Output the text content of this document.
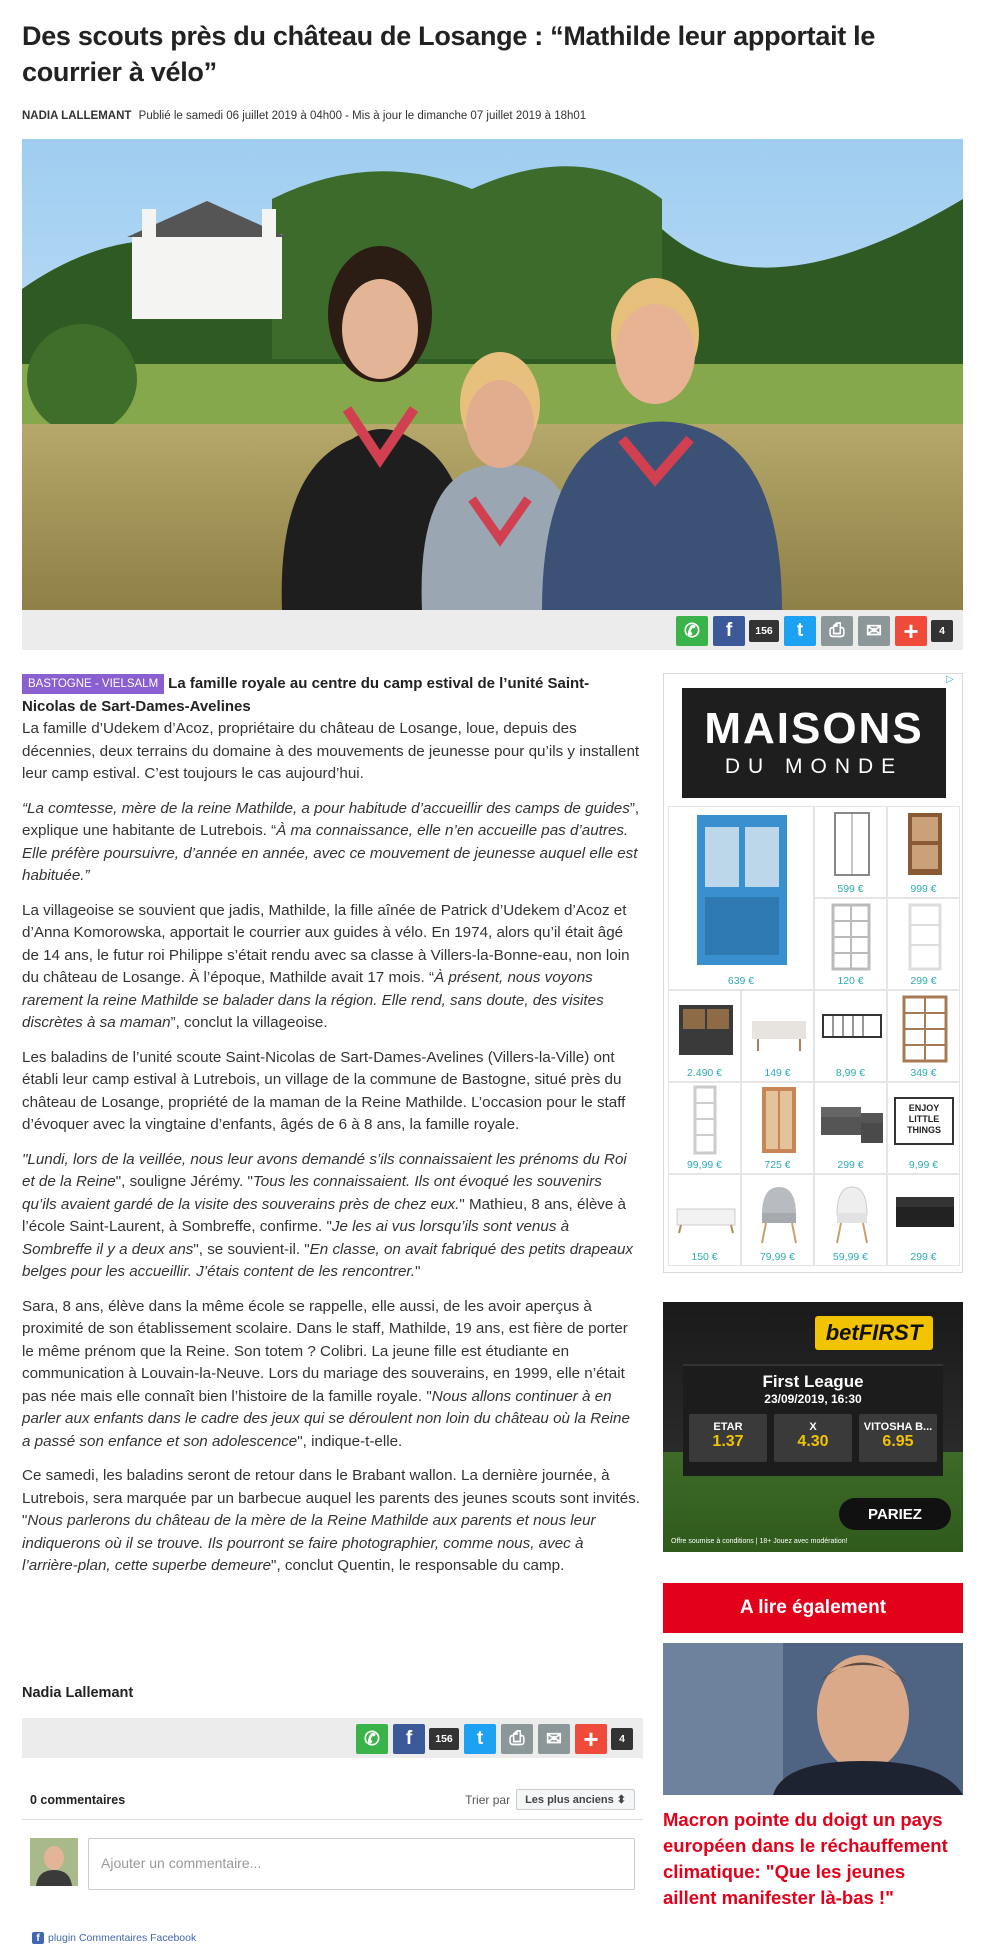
Des scouts près du château de Losange : “Mathilde leur apportait le courrier à vélo”
NADIA LALLEMANT Publié le samedi 06 juillet 2019 à 04h00 - Mis à jour le dimanche 07 juillet 2019 à 18h01
✆	f	156	t	⎙	✉ +	4

BASTOGNE - VIELSALM La famille royale au centre du camp estival de l’unité Saint-Nicolas de Sart-Dames-Avelines
La famille d’Udekem d’Acoz, propriétaire du château de Losange, loue, depuis des décennies, deux terrains du domaine à des mouvements de jeunesse pour qu’ils y installent leur camp estival. C’est toujours le cas aujourd’hui.

“La comtesse, mère de la reine Mathilde, a pour habitude d’accueillir des camps de guides”, explique une habitante de Lutrebois. “À ma connaissance, elle n’en accueille pas d’autres. Elle préfère poursuivre, d’année en année, avec ce mouvement de jeunesse auquel elle est habituée.”

La villageoise se souvient que jadis, Mathilde, la fille aînée de Patrick d’Udekem d’Acoz et d’Anna Komorowska, apportait le courrier aux guides à vélo. En 1974, alors qu’il était âgé de 14 ans, le futur roi Philippe s’était rendu avec sa classe à Villers-la-Bonne-eau, non loin du château de Losange. À l’époque, Mathilde avait 17 mois. “À présent, nous voyons rarement la reine Mathilde se balader dans la région. Elle rend, sans doute, des visites discrètes à sa maman”, conclut la villageoise.

Les baladins de l’unité scoute Saint-Nicolas de Sart-Dames-Avelines (Villers-la-Ville) ont établi leur camp estival à Lutrebois, un village de la commune de Bastogne, situé près du château de Losange, propriété de la maman de la Reine Mathilde. L’occasion pour le staff d’évoquer avec la vingtaine d’enfants, âgés de 6 à 8 ans, la famille royale.

"Lundi, lors de la veillée, nous leur avons demandé s’ils connaissaient les prénoms du Roi et de la Reine", souligne Jérémy. "Tous les connaissaient. Ils ont évoqué les souvenirs qu’ils avaient gardé de la visite des souverains près de chez eux." Mathieu, 8 ans, élève à l’école Saint-Laurent, à Sombreffe, confirme. "Je les ai vus lorsqu’ils sont venus à Sombreffe il y a deux ans", se souvient-il. "En classe, on avait fabriqué des petits drapeaux belges pour les accueillir. J’étais content de les rencontrer."

Sara, 8 ans, élève dans la même école se rappelle, elle aussi, de les avoir aperçus à proximité de son établissement scolaire. Dans le staff, Mathilde, 19 ans, est fière de porter le même prénom que la Reine. Son totem ? Colibri. La jeune fille est étudiante en communication à Louvain-la-Neuve. Lors du mariage des souverains, en 1999, elle n’était pas née mais elle connaît bien l’histoire de la famille royale. "Nous allons continuer à en parler aux enfants dans le cadre des jeux qui se déroulent non loin du château où la Reine a passé son enfance et son adolescence", indique-t-elle.

Ce samedi, les baladins seront de retour dans le Brabant wallon. La dernière journée, à Lutrebois, sera marquée par un barbecue auquel les parents des jeunes scouts sont invités. "Nous parlerons du château de la mère de la Reine Mathilde aux parents et nous leur indiquerons où il se trouve. Ils pourront se faire photographier, comme nous, avec à l’arrière-plan, cette superbe demeure", conclut Quentin, le responsable du camp.

Nadia Lallemant
✆	f	156	t	⎙	✉ +	4
0 commentaires	Trier par	Les plus anciens ⬍
Ajouter un commentaire...
f plugin Commentaires Facebook
▷
MAISONS
DU MONDE
639 €
599 €	999 €
120 €	299 €
2.490 €	149 €	8,99 €	349 €
99,99 €	725 €	299 €
ENJOY LITTLE THINGS
9,99 €
150 €	79,99 €	59,99 €	299 €
bet FIRST
First League
23/09/2019, 16:30
ETAR
1.37
X
4.30
VITOSHA B...
6.95
PARIEZ
Offre soumise à conditions | 18+ Jouez avec modération!
A lire également
Macron pointe du doigt un pays européen dans le réchauffement climatique: "Que les jeunes aillent manifester là-bas !"
